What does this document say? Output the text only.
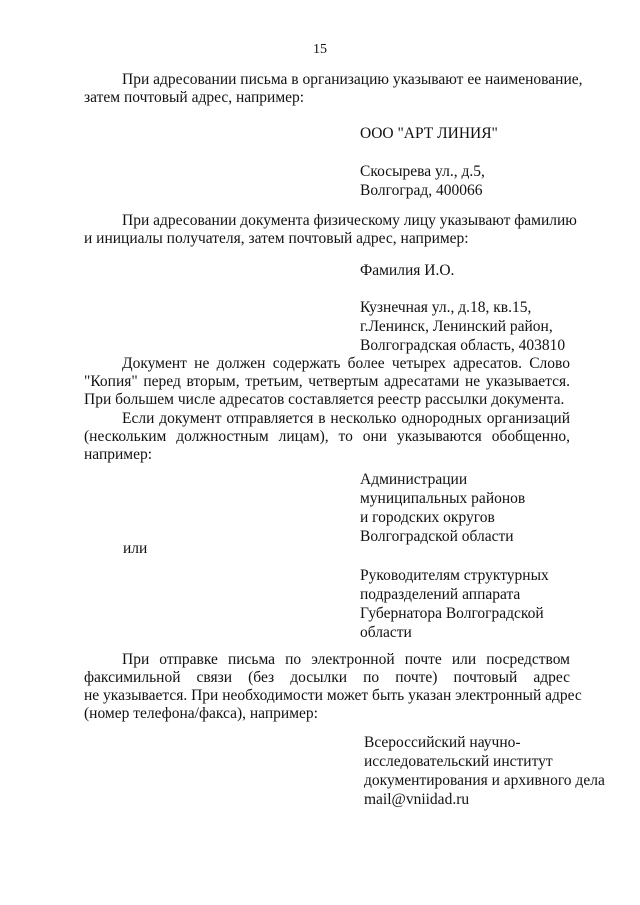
15
При адресовании письма в организацию указывают ее наименование,
затем почтовый адрес, например:
ООО "АРТ ЛИНИЯ"
Скосырева ул., д.5,
Волгоград, 400066
При адресовании документа физическому лицу указывают фамилию
и инициалы получателя, затем почтовый адрес, например:
Фамилия И.О.
Кузнечная ул., д.18, кв.15,
г.Ленинск, Ленинский район,
Волгоградская область, 403810
Документ не должен содержать более четырех адресатов. Слово
"Копия" перед вторым, третьим, четвертым адресатами не указывается.
При большем числе адресатов составляется реестр рассылки документа.
Если документ отправляется в несколько однородных организаций
(нескольким должностным лицам), то они указываются обобщенно,
например:
Администрации
муниципальных районов
и городских округов
Волгоградской области
или
Руководителям структурных
подразделений аппарата
Губернатора Волгоградской
области
При отправке письма по электронной почте или посредством
факсимильной связи (без досылки по почте) почтовый адрес
не указывается. При необходимости может быть указан электронный адрес
(номер телефона/факса), например:
Всероссийский научно-
исследовательский институт
документирования и архивного дела
mail@vniidad.ru
